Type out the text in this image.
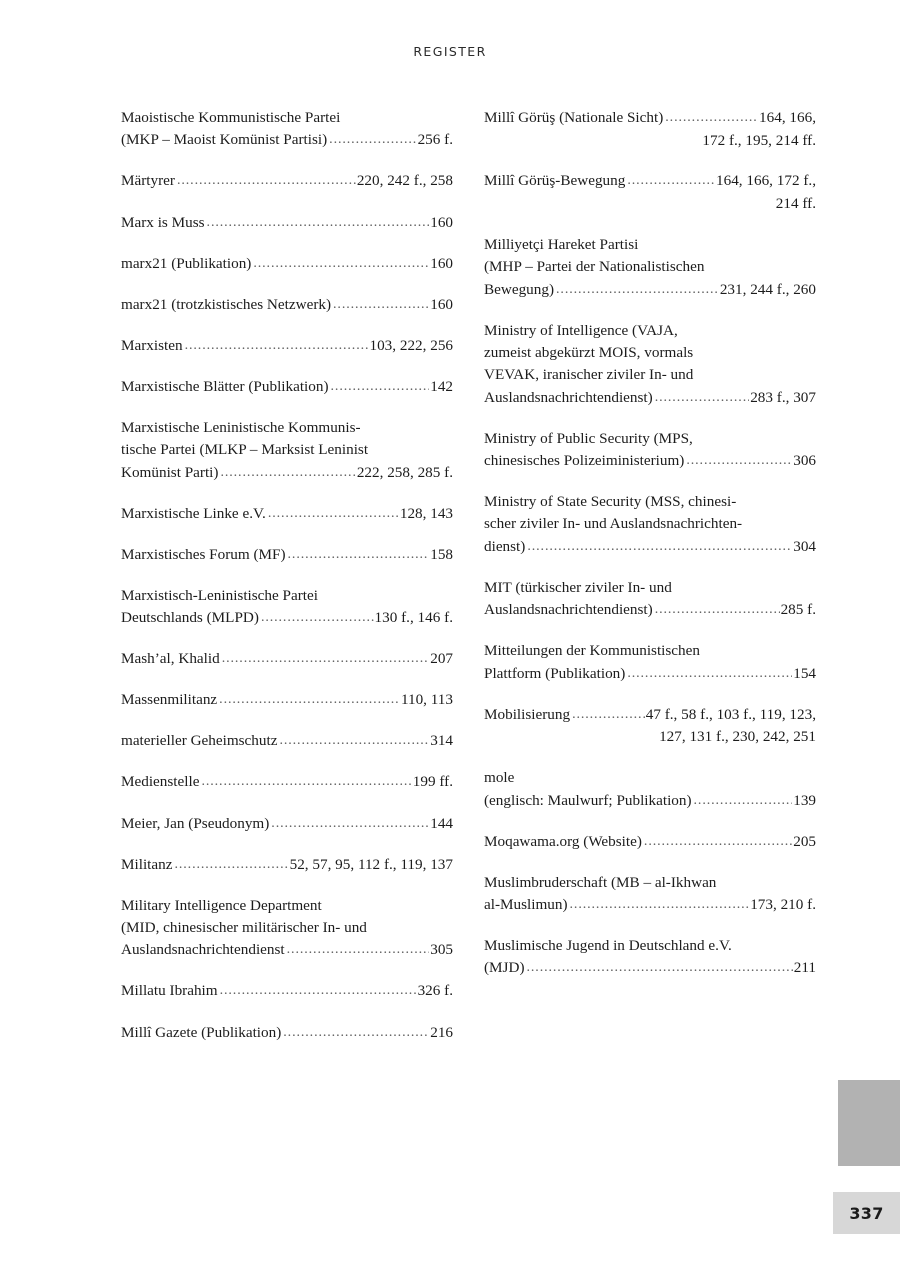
REGISTER
Maoistische Kommunistische Partei
(MKP – Maoist Komünist Partisi) .....	256 f.
Märtyrer .....	220, 242 f., 258
Marx is Muss .....	160
marx21 (Publikation) .....	160
marx21 (trotzkistisches Netzwerk) .....	160
Marxisten .....	103, 222, 256
Marxistische Blätter (Publikation) .....	142
Marxistische Leninistische Kommunis-
tische Partei (MLKP – Marksist Leninist
Komünist Parti) .....	222, 258, 285 f.
Marxistische Linke e.V. .....	128, 143
Marxistisches Forum (MF) .....	158
Marxistisch-Leninistische Partei
Deutschlands (MLPD) .....	130 f., 146 f.
Mash’al, Khalid .....	207
Massenmilitanz .....	110, 113
materieller Geheimschutz .....	314
Medienstelle .....	199 ff.
Meier, Jan (Pseudonym) .....	144
Militanz .....	52, 57, 95, 112 f., 119, 137
Military Intelligence Department
(MID, chinesischer militärischer In- und
Auslandsnachrichtendienst .....	305
Millatu Ibrahim .....	326 f.
Millî Gazete (Publikation) .....	216
Millî Görüş (Nationale Sicht) .....	164, 166,
172 f., 195, 214 ff.
Millî Görüş-Bewegung .....	164, 166, 172 f.,
214 ff.
Milliyetçi Hareket Partisi
(MHP – Partei der Nationalistischen
Bewegung) .....	231, 244 f., 260
Ministry of Intelligence (VAJA,
zumeist abgekürzt MOIS, vormals
VEVAK, iranischer ziviler In- und
Auslandsnachrichtendienst) .....	283 f., 307
Ministry of Public Security (MPS,
chinesisches Polizeiministerium) .....	306
Ministry of State Security (MSS, chinesi-
scher ziviler In- und Auslandsnachrichten-
dienst) .....	304
MIT (türkischer ziviler In- und
Auslandsnachrichtendienst) .....	285 f.
Mitteilungen der Kommunistischen
Plattform (Publikation) .....	154
Mobilisierung .....	47 f., 58 f., 103 f., 119, 123,
127, 131 f., 230, 242, 251
mole
(englisch: Maulwurf; Publikation) .....	139
Moqawama.org (Website) .....	205
Muslimbruderschaft (MB – al-Ikhwan
al-Muslimun) .....	173, 210 f.
Muslimische Jugend in Deutschland e.V.
(MJD) .....	211
337
